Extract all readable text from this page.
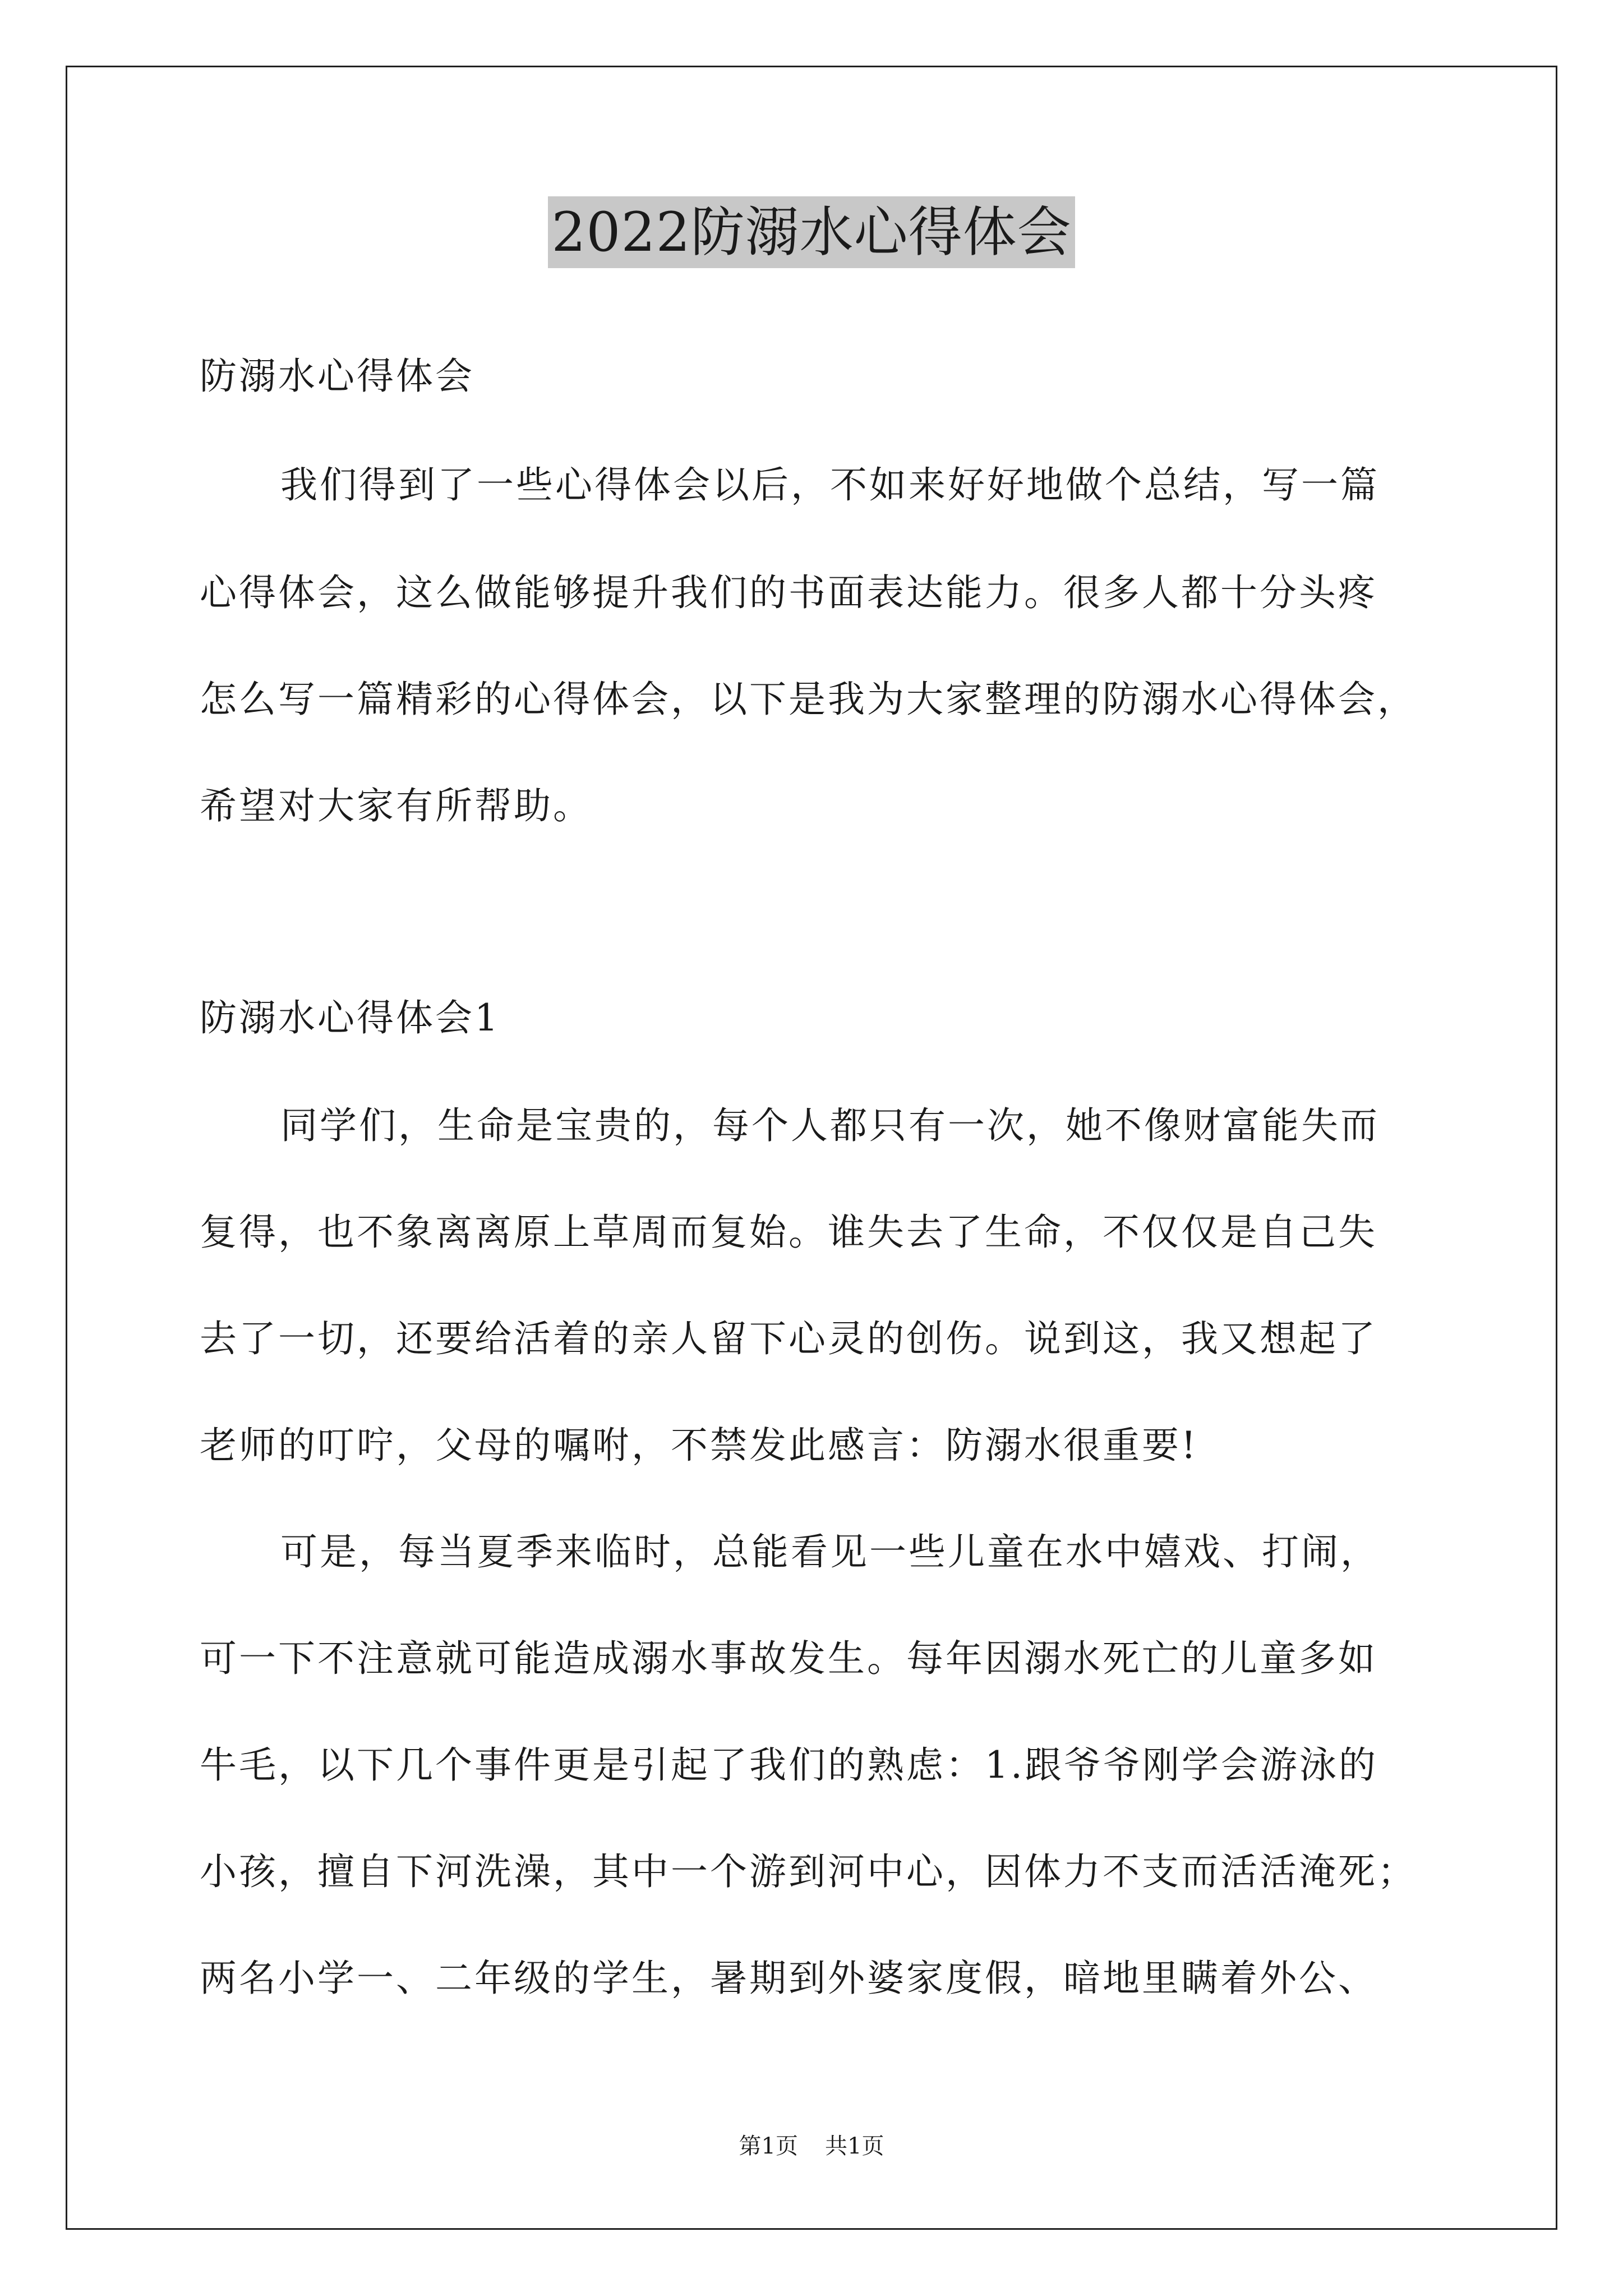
2022防溺水心得体会
防溺水心得体会
我们得到了一些心得体会以后，不如来好好地做个总结，写一篇
心得体会，这么做能够提升我们的书面表达能力。很多人都十分头疼
怎么写一篇精彩的心得体会，以下是我为大家整理的防溺水心得体会，
希望对大家有所帮助。
防溺水心得体会1
同学们，生命是宝贵的，每个人都只有一次，她不像财富能失而
复得，也不象离离原上草周而复始。谁失去了生命，不仅仅是自己失
去了一切，还要给活着的亲人留下心灵的创伤。说到这，我又想起了
老师的叮咛，父母的嘱咐，不禁发此感言：防溺水很重要!
可是，每当夏季来临时，总能看见一些儿童在水中嬉戏、打闹，
可一下不注意就可能造成溺水事故发生。每年因溺水死亡的儿童多如
牛毛，以下几个事件更是引起了我们的熟虑：1.跟爷爷刚学会游泳的
小孩，擅自下河洗澡，其中一个游到河中心，因体力不支而活活淹死；
两名小学一、二年级的学生，暑期到外婆家度假，暗地里瞒着外公、
第1页 共1页
